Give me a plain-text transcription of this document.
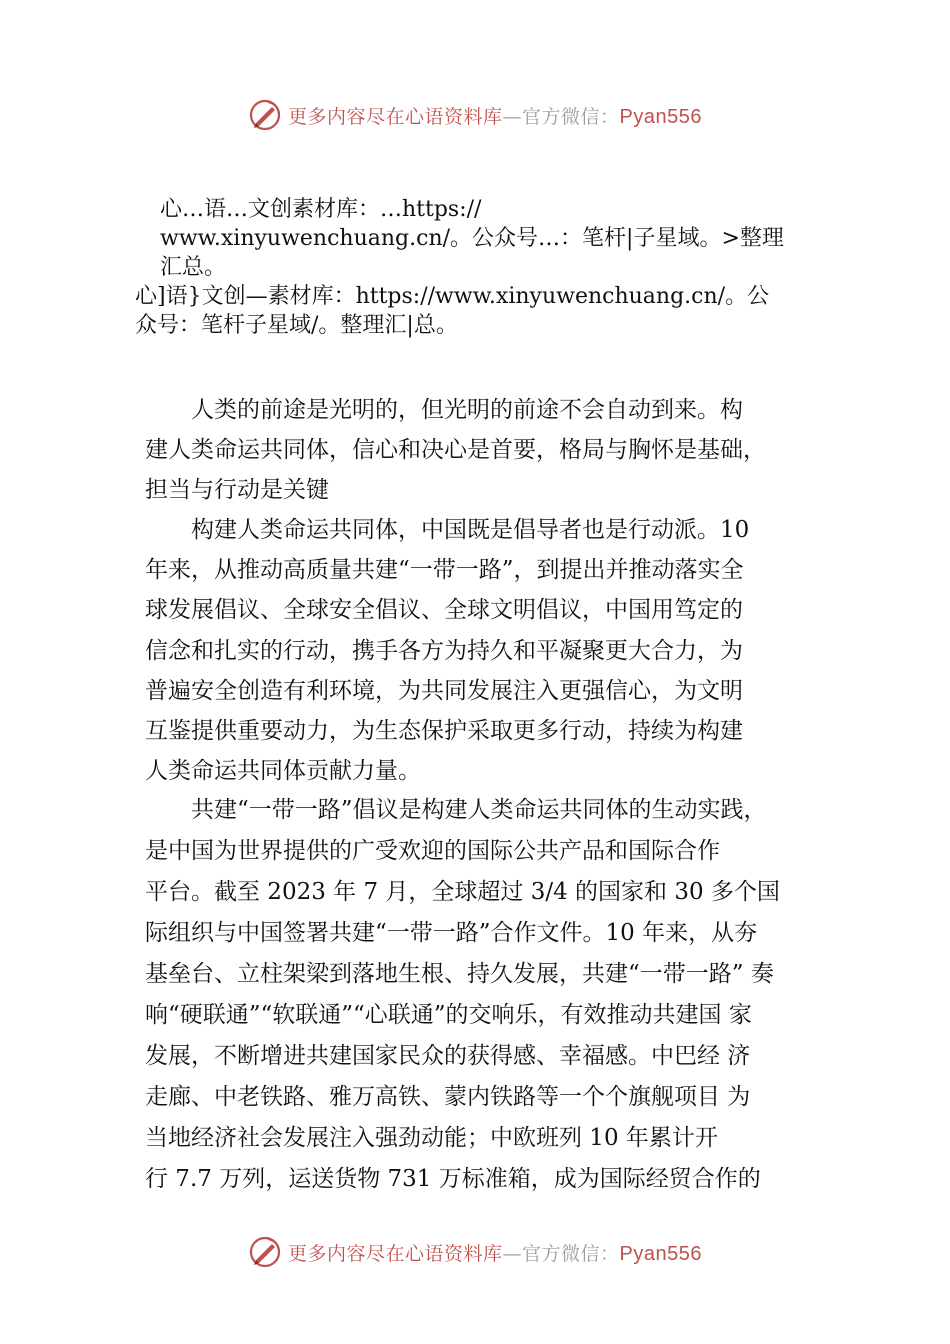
更多内容尽在心语资料库—官方微信：Pyan556
心…语…文创素材库：…https://
www.xinyuwenchuang.cn/。公众号…：笔杆|子星域。>整理
汇总。
心]语}文创—素材库：https://www.xinyuwenchuang.cn/。公
众号：笔杆子星域/。整理汇|总。
　　人类的前途是光明的，但光明的前途不会自动到来。构
建人类命运共同体，信心和决心是首要，格局与胸怀是基础，
担当与行动是关键
　　构建人类命运共同体，中国既是倡导者也是行动派。10
年来，从推动高质量共建“一带一路”，到提出并推动落实全
球发展倡议、全球安全倡议、全球文明倡议，中国用笃定的
信念和扎实的行动，携手各方为持久和平凝聚更大合力，为
普遍安全创造有利环境，为共同发展注入更强信心，为文明
互鉴提供重要动力，为生态保护采取更多行动，持续为构建
人类命运共同体贡献力量。
　　共建“一带一路”倡议是构建人类命运共同体的生动实践，
是中国为世界提供的广受欢迎的国际公共产品和国际合作
平台。截至 2023 年 7 月，全球超过 3/4 的国家和 30 多个国
际组织与中国签署共建“一带一路”合作文件。10 年来，从夯
基垒台、立柱架梁到落地生根、持久发展，共建“一带一路” 奏
响“硬联通”“软联通”“心联通”的交响乐，有效推动共建国 家
发展，不断增进共建国家民众的获得感、幸福感。中巴经 济
走廊、中老铁路、雅万高铁、蒙内铁路等一个个旗舰项目 为
当地经济社会发展注入强劲动能；中欧班列 10 年累计开
行 7.7 万列，运送货物 731 万标准箱，成为国际经贸合作的
更多内容尽在心语资料库—官方微信：Pyan556
